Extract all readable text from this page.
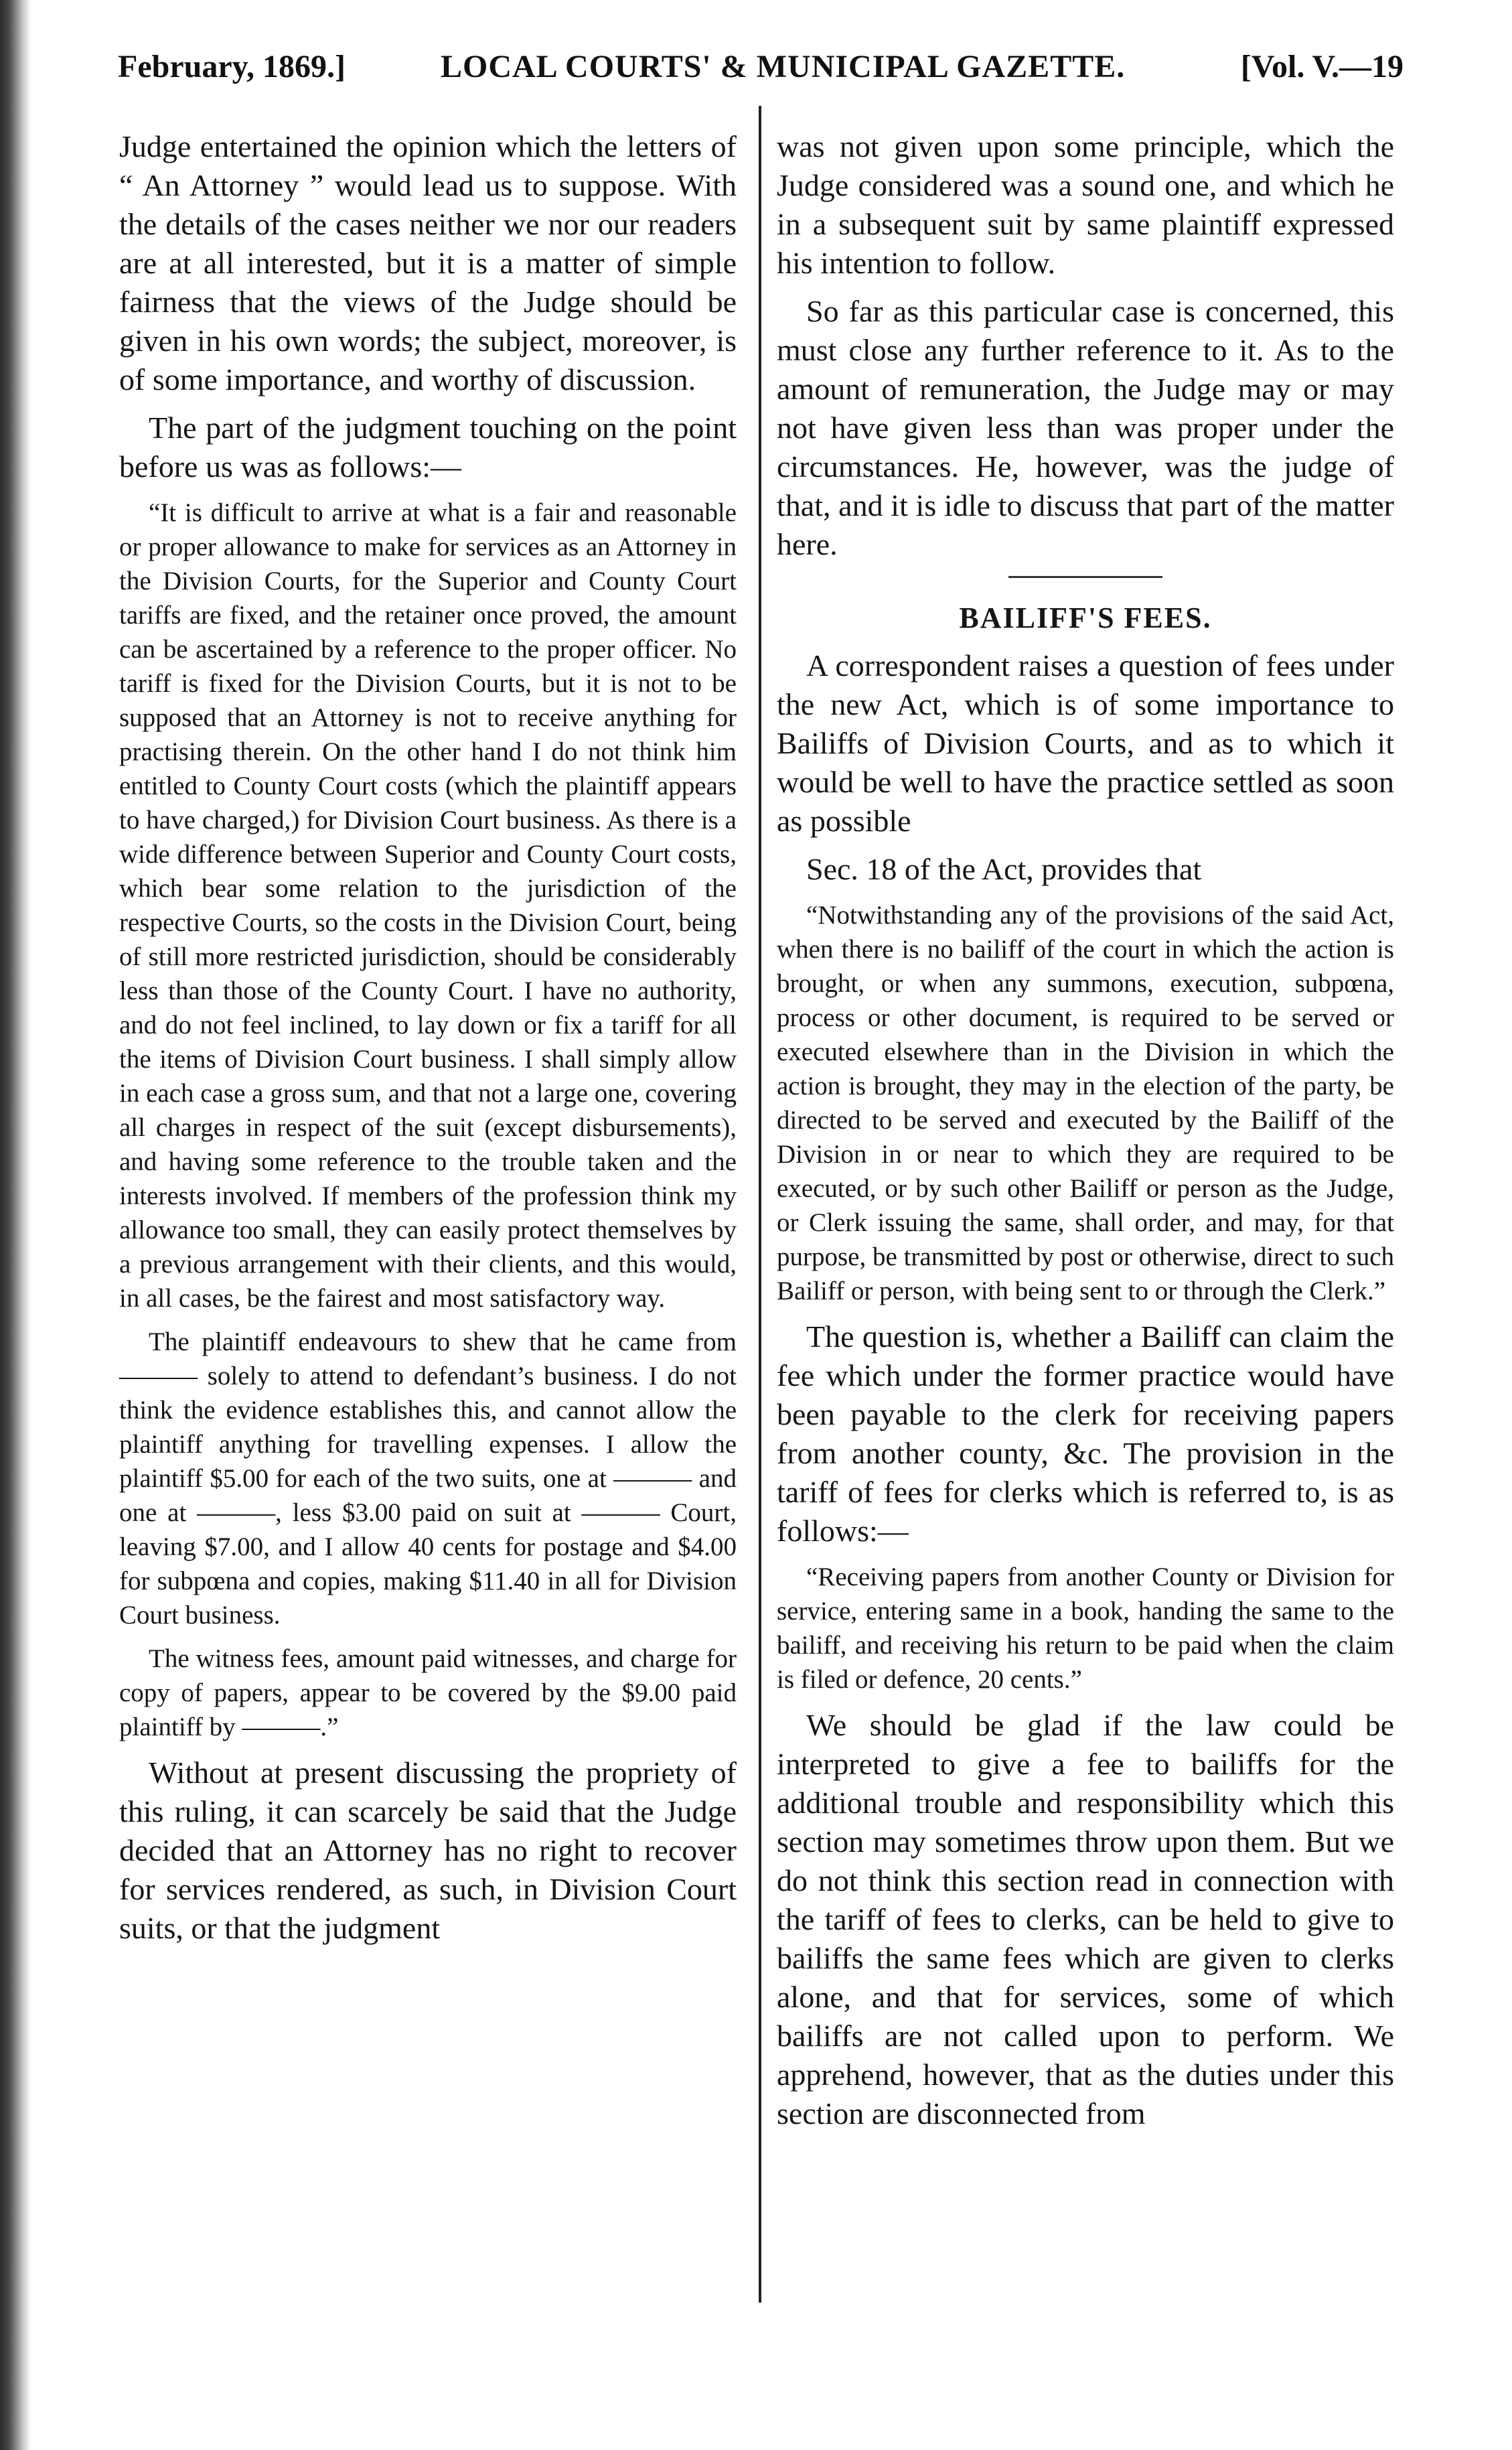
February, 1869.]	LOCAL COURTS' & MUNICIPAL GAZETTE.	[Vol. V.—19

Judge entertained the opinion which the letters of “ An Attorney ” would lead us to suppose. With the details of the cases neither we nor our readers are at all interested, but it is a matter of simple fairness that the views of the Judge should be given in his own words; the subject, moreover, is of some importance, and worthy of discussion.

The part of the judgment touching on the point before us was as follows:—

“It is difficult to arrive at what is a fair and reasonable or proper allowance to make for services as an Attorney in the Division Courts, for the Superior and County Court tariffs are fixed, and the retainer once proved, the amount can be ascertained by a reference to the proper officer. No tariff is fixed for the Division Courts, but it is not to be supposed that an Attorney is not to receive anything for practising therein. On the other hand I do not think him entitled to County Court costs (which the plaintiff appears to have charged,) for Division Court business. As there is a wide difference between Superior and County Court costs, which bear some relation to the jurisdiction of the respective Courts, so the costs in the Division Court, being of still more restricted jurisdiction, should be considerably less than those of the County Court. I have no authority, and do not feel inclined, to lay down or fix a tariff for all the items of Division Court business. I shall simply allow in each case a gross sum, and that not a large one, covering all charges in respect of the suit (except disbursements), and having some reference to the trouble taken and the interests involved. If members of the profession think my allowance too small, they can easily protect themselves by a previous arrangement with their clients, and this would, in all cases, be the fairest and most satisfactory way.

The plaintiff endeavours to shew that he came from ——— solely to attend to defendant’s business. I do not think the evidence establishes this, and cannot allow the plaintiff anything for travelling expenses. I allow the plaintiff $5.00 for each of the two suits, one at ——— and one at ———, less $3.00 paid on suit at ——— Court, leaving $7.00, and I allow 40 cents for postage and $4.00 for subpœna and copies, making $11.40 in all for Division Court business.

The witness fees, amount paid witnesses, and charge for copy of papers, appear to be covered by the $9.00 paid plaintiff by ———.”

Without at present discussing the propriety of this ruling, it can scarcely be said that the Judge decided that an Attorney has no right to recover for services rendered, as such, in Division Court suits, or that the judgment

was not given upon some principle, which the Judge considered was a sound one, and which he in a subsequent suit by same plaintiff expressed his intention to follow.

So far as this particular case is concerned, this must close any further reference to it. As to the amount of remuneration, the Judge may or may not have given less than was proper under the circumstances. He, however, was the judge of that, and it is idle to discuss that part of the matter here.

BAILIFF'S FEES.

A correspondent raises a question of fees under the new Act, which is of some importance to Bailiffs of Division Courts, and as to which it would be well to have the practice settled as soon as possible

Sec. 18 of the Act, provides that

“Notwithstanding any of the provisions of the said Act, when there is no bailiff of the court in which the action is brought, or when any summons, execution, subpœna, process or other document, is required to be served or executed elsewhere than in the Division in which the action is brought, they may in the election of the party, be directed to be served and executed by the Bailiff of the Division in or near to which they are required to be executed, or by such other Bailiff or person as the Judge, or Clerk issuing the same, shall order, and may, for that purpose, be transmitted by post or otherwise, direct to such Bailiff or person, with being sent to or through the Clerk.”

The question is, whether a Bailiff can claim the fee which under the former practice would have been payable to the clerk for receiving papers from another county, &c. The provision in the tariff of fees for clerks which is referred to, is as follows:—

“Receiving papers from another County or Division for service, entering same in a book, handing the same to the bailiff, and receiving his return to be paid when the claim is filed or defence, 20 cents.”

We should be glad if the law could be interpreted to give a fee to bailiffs for the additional trouble and responsibility which this section may sometimes throw upon them. But we do not think this section read in connection with the tariff of fees to clerks, can be held to give to bailiffs the same fees which are given to clerks alone, and that for services, some of which bailiffs are not called upon to perform. We apprehend, however, that as the duties under this section are disconnected from
